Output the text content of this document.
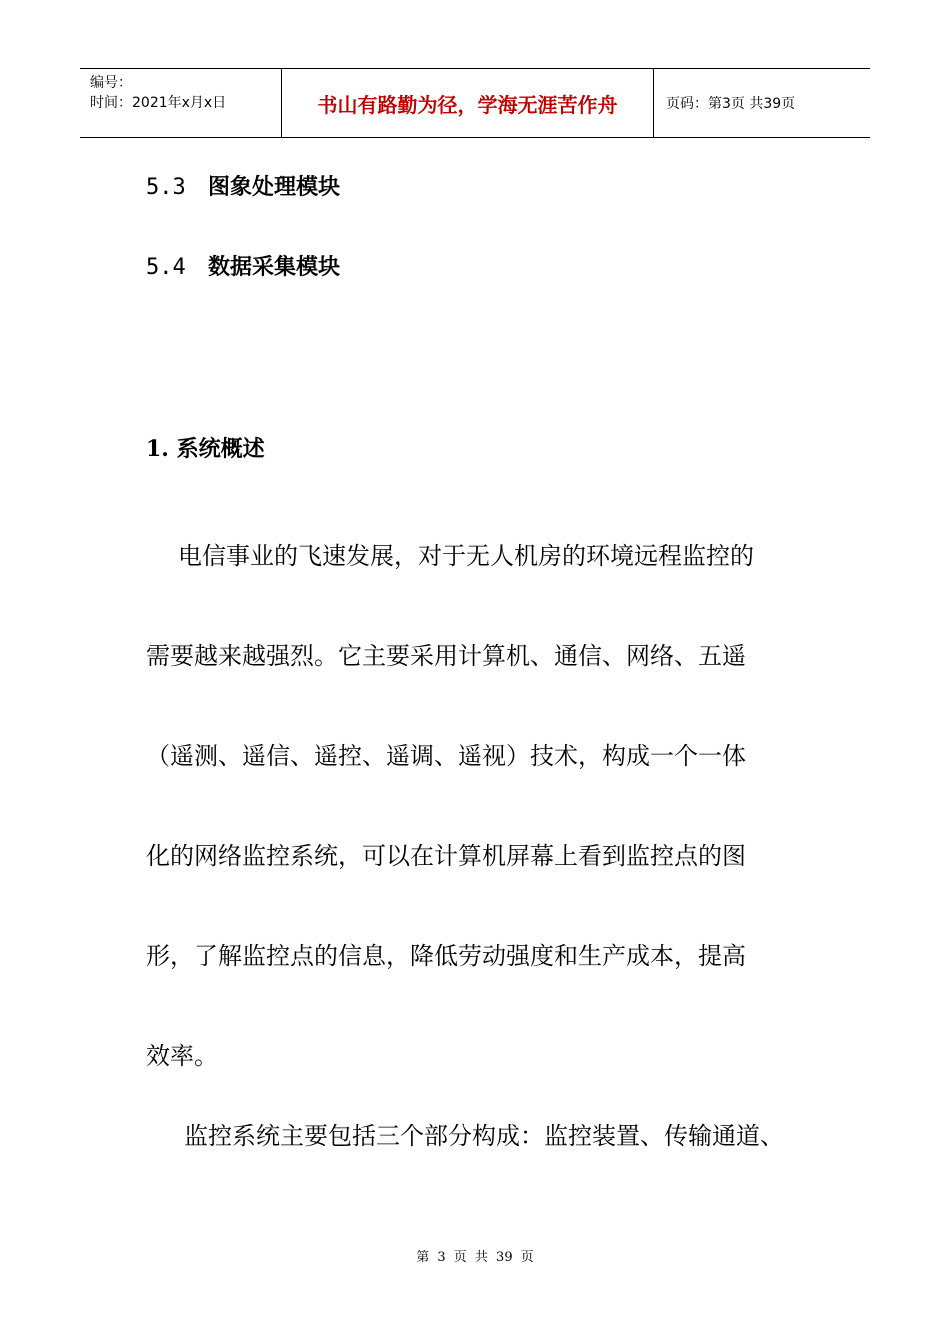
编号：
时间：2021年x月x日	书山有路勤为径，学海无涯苦作舟	页码：第3页 共39页
5.3 图象处理模块
5.4 数据采集模块
1. 系统概述
电信事业的飞速发展，对于无人机房的环境远程监控的
需要越来越强烈。它主要采用计算机、通信、网络、五遥
（遥测、遥信、遥控、遥调、遥视）技术，构成一个一体
化的网络监控系统，可以在计算机屏幕上看到监控点的图
形，了解监控点的信息，降低劳动强度和生产成本，提高
效率。
监控系统主要包括三个部分构成：监控装置、传输通道、
第 3 页 共 39 页
